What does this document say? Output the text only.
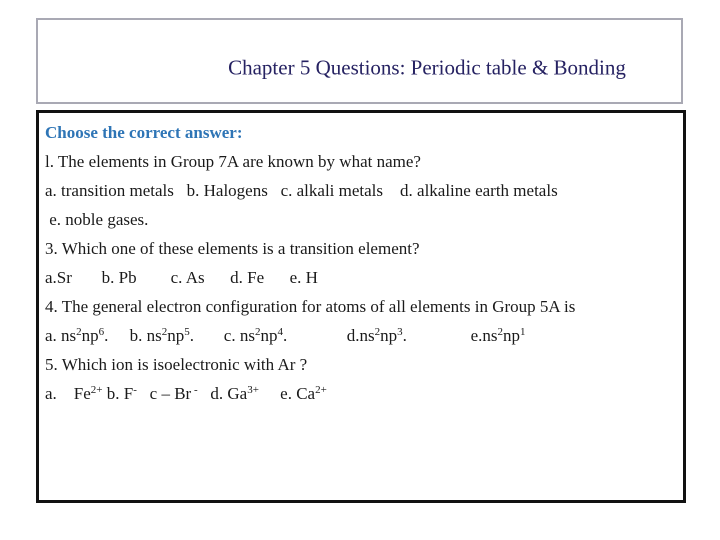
Chapter 5 Questions: Periodic table & Bonding
Choose the correct answer:
l. The elements in Group 7A are known by what name?
a. transition metals   b. Halogens   c. alkali metals    d. alkaline earth metals
e. noble gases.
3. Which one of these elements is a transition element?
a.Sr       b. Pb        c. As      d. Fe      e. H
4. The general electron configuration for atoms of all elements in Group 5A is
a. $ns^2np^6$. b. $ns^2np^5$. c. $ns^2np^4$.	$d.ns^2np^3$.	$e.ns^2np^1$
5. Which ion is isoelectronic with Ar ?
a. $Fe^{2+}$ b. F- c – Br - d. $Ga^{3+}$ e. $Ca^{2+}$
